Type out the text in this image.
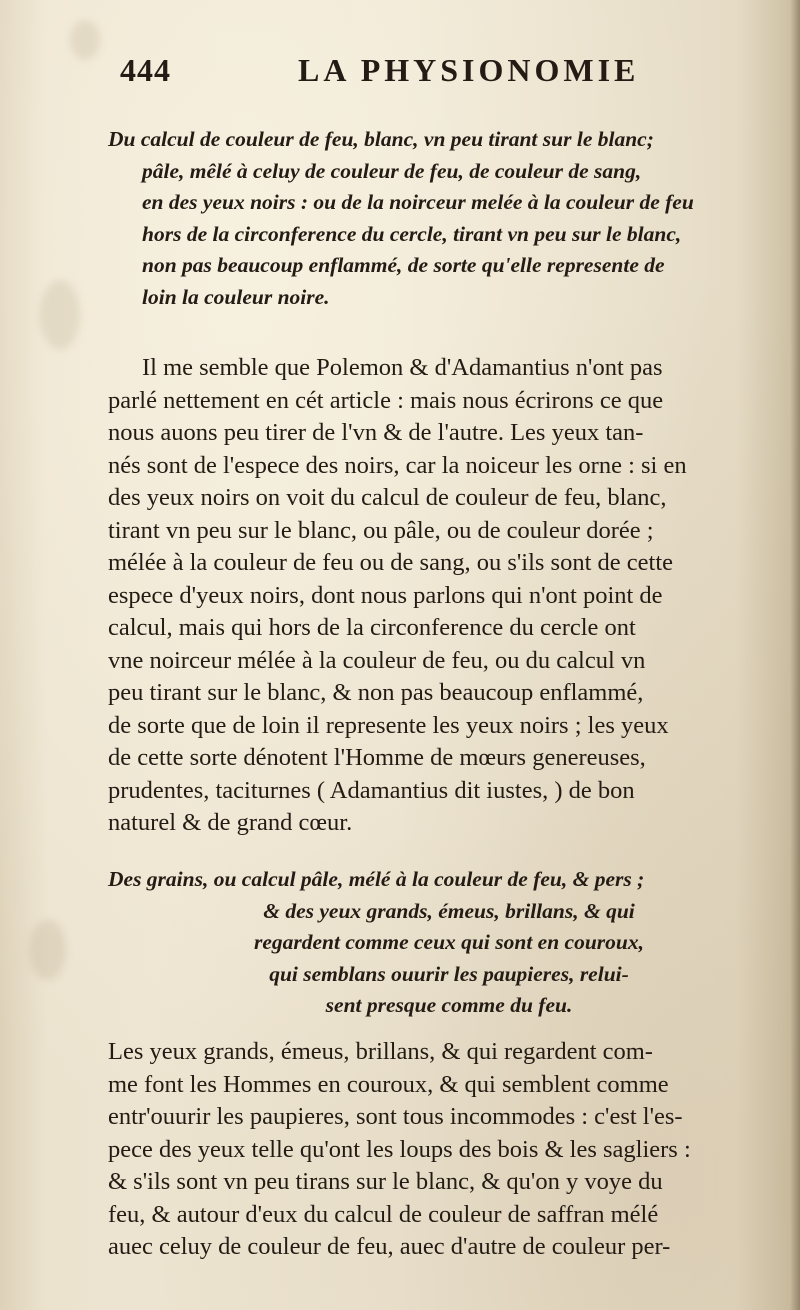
444	LA PHYSIONOMIE

Du calcul de couleur de feu, blanc, vn peu tirant sur le blanc;
pâle, mêlé à celuy de couleur de feu, de couleur de sang,
en des yeux noirs : ou de la noirceur melée à la couleur de feu
hors de la circonference du cercle, tirant vn peu sur le blanc,
non pas beaucoup enflammé, de sorte qu'elle represente de
loin la couleur noire.

Il me semble que Polemon & d'Adamantius n'ont pas
parlé nettement en cét article : mais nous écrirons ce que
nous auons peu tirer de l'vn & de l'autre. Les yeux tan-
nés sont de l'espece des noirs, car la noiceur les orne : si en
des yeux noirs on voit du calcul de couleur de feu, blanc,
tirant vn peu sur le blanc, ou pâle, ou de couleur dorée ;
mélée à la couleur de feu ou de sang, ou s'ils sont de cette
espece d'yeux noirs, dont nous parlons qui n'ont point de
calcul, mais qui hors de la circonference du cercle ont
vne noirceur mélée à la couleur de feu, ou du calcul vn
peu tirant sur le blanc, & non pas beaucoup enflammé,
de sorte que de loin il represente les yeux noirs ; les yeux
de cette sorte dénotent l'Homme de mœurs genereuses,
prudentes, taciturnes ( Adamantius dit iustes, ) de bon
naturel & de grand cœur.

Des grains, ou calcul pâle, mélé à la couleur de feu, & pers ;
& des yeux grands, émeus, brillans, & qui
regardent comme ceux qui sont en couroux,
qui semblans ouurir les paupieres, relui-
sent presque comme du feu.

Les yeux grands, émeus, brillans, & qui regardent com-
me font les Hommes en couroux, & qui semblent comme
entr'ouurir les paupieres, sont tous incommodes : c'est l'es-
pece des yeux telle qu'ont les loups des bois & les sagliers :
& s'ils sont vn peu tirans sur le blanc, & qu'on y voye du
feu, & autour d'eux du calcul de couleur de saffran mélé
auec celuy de couleur de feu, auec d'autre de couleur per-
